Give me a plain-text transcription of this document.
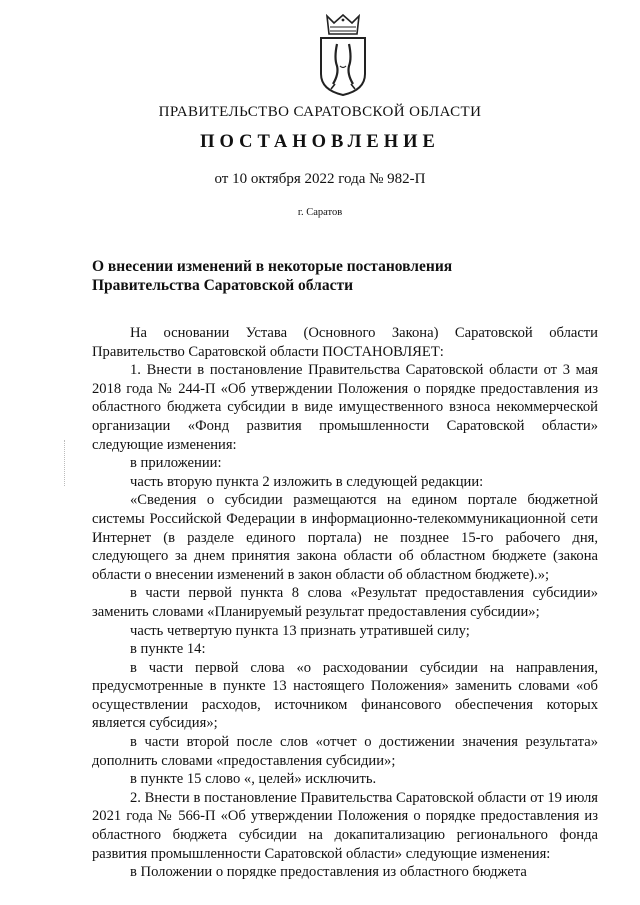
ПРАВИТЕЛЬСТВО САРАТОВСКОЙ ОБЛАСТИ
ПОСТАНОВЛЕНИЕ
от 10 октября 2022 года № 982-П
г. Саратов
О внесении изменений в некоторые постановления
Правительства Саратовской области

На основании Устава (Основного Закона) Саратовской области Правительство Саратовской области ПОСТАНОВЛЯЕТ:

1. Внести в постановление Правительства Саратовской области от 3 мая 2018 года № 244-П «Об утверждении Положения о порядке предоставления из областного бюджета субсидии в виде имущественного взноса некоммерческой организации «Фонд развития промышленности Саратовской области» следующие изменения:

в приложении:

часть вторую пункта 2 изложить в следующей редакции:

«Сведения о субсидии размещаются на едином портале бюджетной системы Российской Федерации в информационно-телекоммуникационной сети Интернет (в разделе единого портала) не позднее 15-го рабочего дня, следующего за днем принятия закона области об областном бюджете (закона области о внесении изменений в закон области об областном бюджете).»;

в части первой пункта 8 слова «Результат предоставления субсидии» заменить словами «Планируемый результат предоставления субсидии»;

часть четвертую пункта 13 признать утратившей силу;

в пункте 14:

в части первой слова «о расходовании субсидии на направления, предусмотренные в пункте 13 настоящего Положения» заменить словами «об осуществлении расходов, источником финансового обеспечения которых является субсидия»;

в части второй после слов «отчет о достижении значения результата» дополнить словами «предоставления субсидии»;

в пункте 15 слово «, целей» исключить.

2. Внести в постановление Правительства Саратовской области от 19 июля 2021 года № 566-П «Об утверждении Положения о порядке предоставления из областного бюджета субсидии на докапитализацию регионального фонда развития промышленности Саратовской области» следующие изменения:

в Положении о порядке предоставления из областного бюджета
